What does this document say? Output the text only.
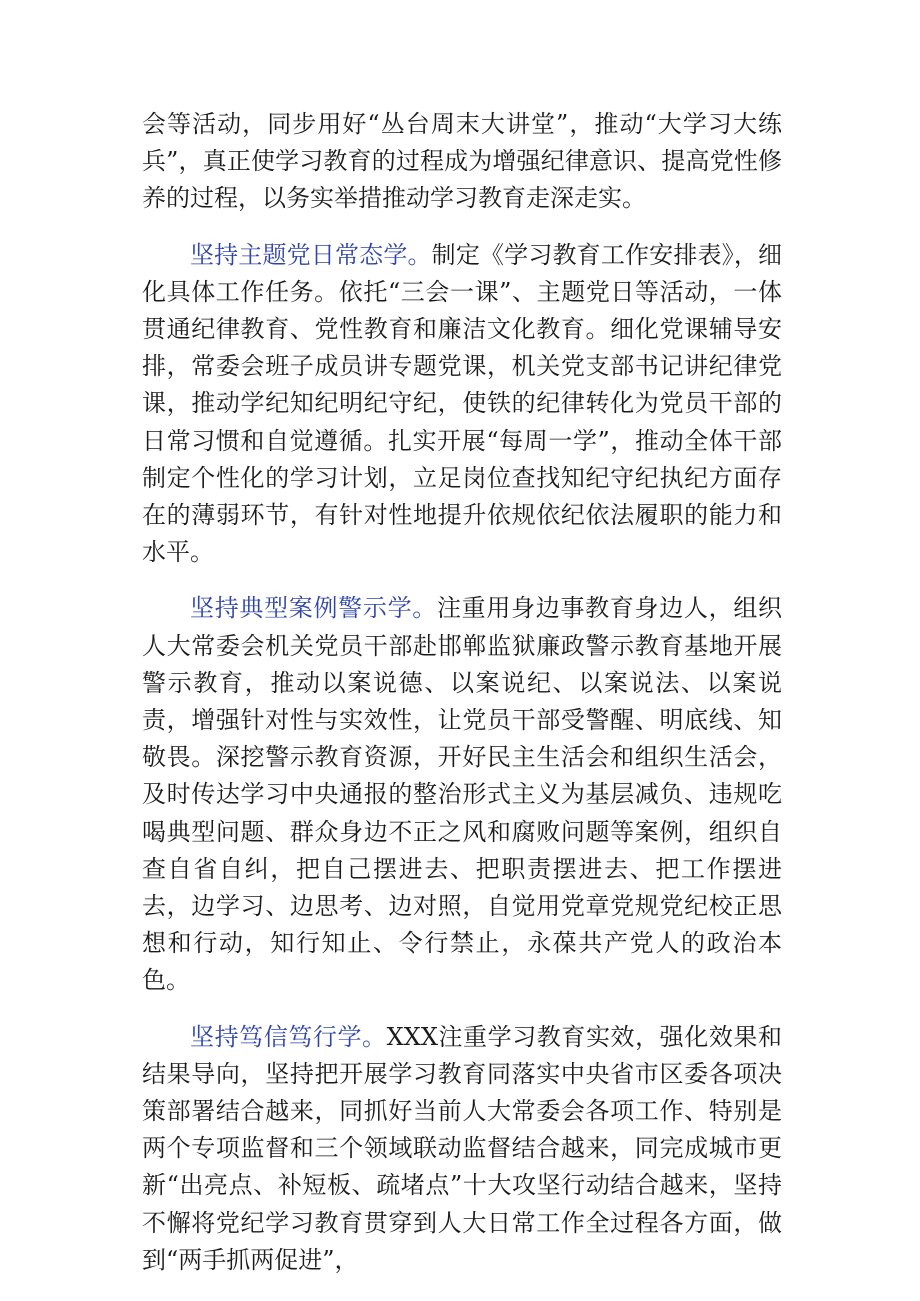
会等活动，同步用好“丛台周末大讲堂”，推动“大学习大练兵”，真正使学习教育的过程成为增强纪律意识、提高党性修养的过程，以务实举措推动学习教育走深走实。

坚持主题党日常态学。制定《学习教育工作安排表》，细化具体工作任务。依托“三会一课”、主题党日等活动，一体贯通纪律教育、党性教育和廉洁文化教育。细化党课辅导安排，常委会班子成员讲专题党课，机关党支部书记讲纪律党课，推动学纪知纪明纪守纪，使铁的纪律转化为党员干部的日常习惯和自觉遵循。扎实开展“每周一学”，推动全体干部制定个性化的学习计划，立足岗位查找知纪守纪执纪方面存在的薄弱环节，有针对性地提升依规依纪依法履职的能力和水平。

坚持典型案例警示学。注重用身边事教育身边人，组织人大常委会机关党员干部赴邯郸监狱廉政警示教育基地开展警示教育，推动以案说德、以案说纪、以案说法、以案说责，增强针对性与实效性，让党员干部受警醒、明底线、知敬畏。深挖警示教育资源，开好民主生活会和组织生活会，及时传达学习中央通报的整治形式主义为基层减负、违规吃喝典型问题、群众身边不正之风和腐败问题等案例，组织自查自省自纠，把自己摆进去、把职责摆进去、把工作摆进去，边学习、边思考、边对照，自觉用党章党规党纪校正思想和行动，知行知止、令行禁止，永葆共产党人的政治本色。

坚持笃信笃行学。XXX注重学习教育实效，强化效果和结果导向，坚持把开展学习教育同落实中央省市区委各项决策部署结合越来，同抓好当前人大常委会各项工作、特别是两个专项监督和三个领域联动监督结合越来，同完成城市更新“出亮点、补短板、疏堵点”十大攻坚行动结合越来，坚持不懈将党纪学习教育贯穿到人大日常工作全过程各方面，做到“两手抓两促进”，
